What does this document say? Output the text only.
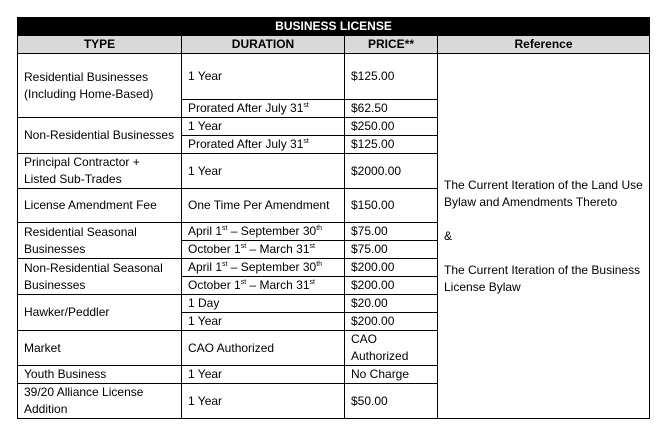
BUSINESS LICENSE			
TYPE	DURATION	PRICE**	Reference
Residential Businesses (Including Home-Based)	1 Year	$125.00	The Current Iteration of the Land Use Bylaw and Amendments Thereto
&
The Current Iteration of the Business License Bylaw

	Prorated After July 31st	$62.50	
Non-Residential Businesses	1 Year	$250.00	
	Prorated After July 31st	$125.00	
Principal Contractor + Listed Sub-Trades	1 Year	$2000.00	
License Amendment Fee	One Time Per Amendment	$150.00	
Residential Seasonal Businesses	April 1st – September 30th	$75.00	
	October 1st – March 31st	$75.00	
Non-Residential Seasonal Businesses	April 1st – September 30th	$200.00	
	October 1st – March 31st	$200.00	
Hawker/Peddler	1 Day	$20.00	
	1 Year	$200.00	
Market	CAO Authorized	CAO Authorized	
Youth Business	1 Year	No Charge	
39/20 Alliance License Addition	1 Year	$50.00	
